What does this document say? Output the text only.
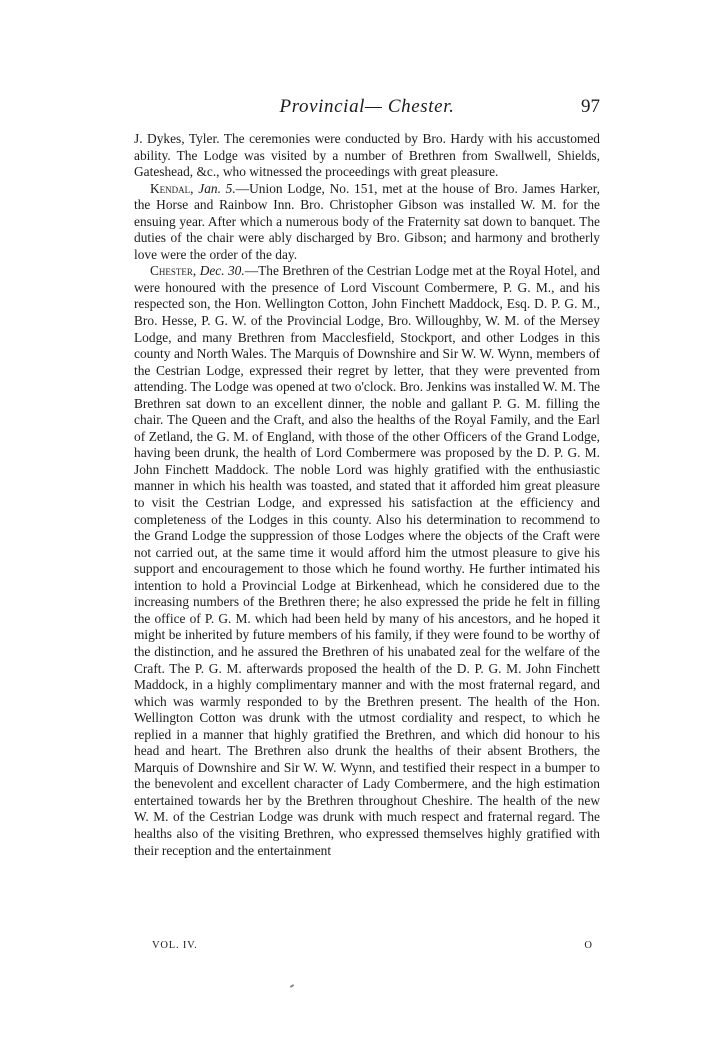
Provincial— Chester.	97

J. Dykes, Tyler. The ceremonies were conducted by Bro. Hardy with his accustomed ability. The Lodge was visited by a number of Brethren from Swallwell, Shields, Gateshead, &c., who witnessed the proceedings with great pleasure.

Kendal, Jan. 5.—Union Lodge, No. 151, met at the house of Bro. James Harker, the Horse and Rainbow Inn. Bro. Christopher Gibson was installed W. M. for the ensuing year. After which a numerous body of the Fraternity sat down to banquet. The duties of the chair were ably discharged by Bro. Gibson; and harmony and brotherly love were the order of the day.

Chester, Dec. 30.—The Brethren of the Cestrian Lodge met at the Royal Hotel, and were honoured with the presence of Lord Viscount Combermere, P. G. M., and his respected son, the Hon. Wellington Cotton, John Finchett Maddock, Esq. D. P. G. M., Bro. Hesse, P. G. W. of the Provincial Lodge, Bro. Willoughby, W. M. of the Mersey Lodge, and many Brethren from Macclesfield, Stockport, and other Lodges in this county and North Wales. The Marquis of Downshire and Sir W. W. Wynn, members of the Cestrian Lodge, expressed their regret by letter, that they were prevented from attending. The Lodge was opened at two o'clock. Bro. Jenkins was installed W. M. The Brethren sat down to an excellent dinner, the noble and gallant P. G. M. filling the chair. The Queen and the Craft, and also the healths of the Royal Family, and the Earl of Zetland, the G. M. of England, with those of the other Officers of the Grand Lodge, having been drunk, the health of Lord Combermere was proposed by the D. P. G. M. John Finchett Maddock. The noble Lord was highly gratified with the enthusiastic manner in which his health was toasted, and stated that it afforded him great pleasure to visit the Cestrian Lodge, and expressed his satisfaction at the efficiency and completeness of the Lodges in this county. Also his determination to recommend to the Grand Lodge the suppression of those Lodges where the objects of the Craft were not carried out, at the same time it would afford him the utmost pleasure to give his support and encouragement to those which he found worthy. He further intimated his intention to hold a Provincial Lodge at Birkenhead, which he considered due to the increasing numbers of the Brethren there; he also expressed the pride he felt in filling the office of P. G. M. which had been held by many of his ancestors, and he hoped it might be inherited by future members of his family, if they were found to be worthy of the distinction, and he assured the Brethren of his unabated zeal for the welfare of the Craft. The P. G. M. afterwards proposed the health of the D. P. G. M. John Finchett Maddock, in a highly complimentary manner and with the most fraternal regard, and which was warmly responded to by the Brethren present. The health of the Hon. Wellington Cotton was drunk with the utmost cordiality and respect, to which he replied in a manner that highly gratified the Brethren, and which did honour to his head and heart. The Brethren also drunk the healths of their absent Brothers, the Marquis of Downshire and Sir W. W. Wynn, and testified their respect in a bumper to the benevolent and excellent character of Lady Combermere, and the high estimation entertained towards her by the Brethren throughout Cheshire. The health of the new W. M. of the Cestrian Lodge was drunk with much respect and fraternal regard. The healths also of the visiting Brethren, who expressed themselves highly gratified with their reception and the entertainment

VOL. IV.	O
